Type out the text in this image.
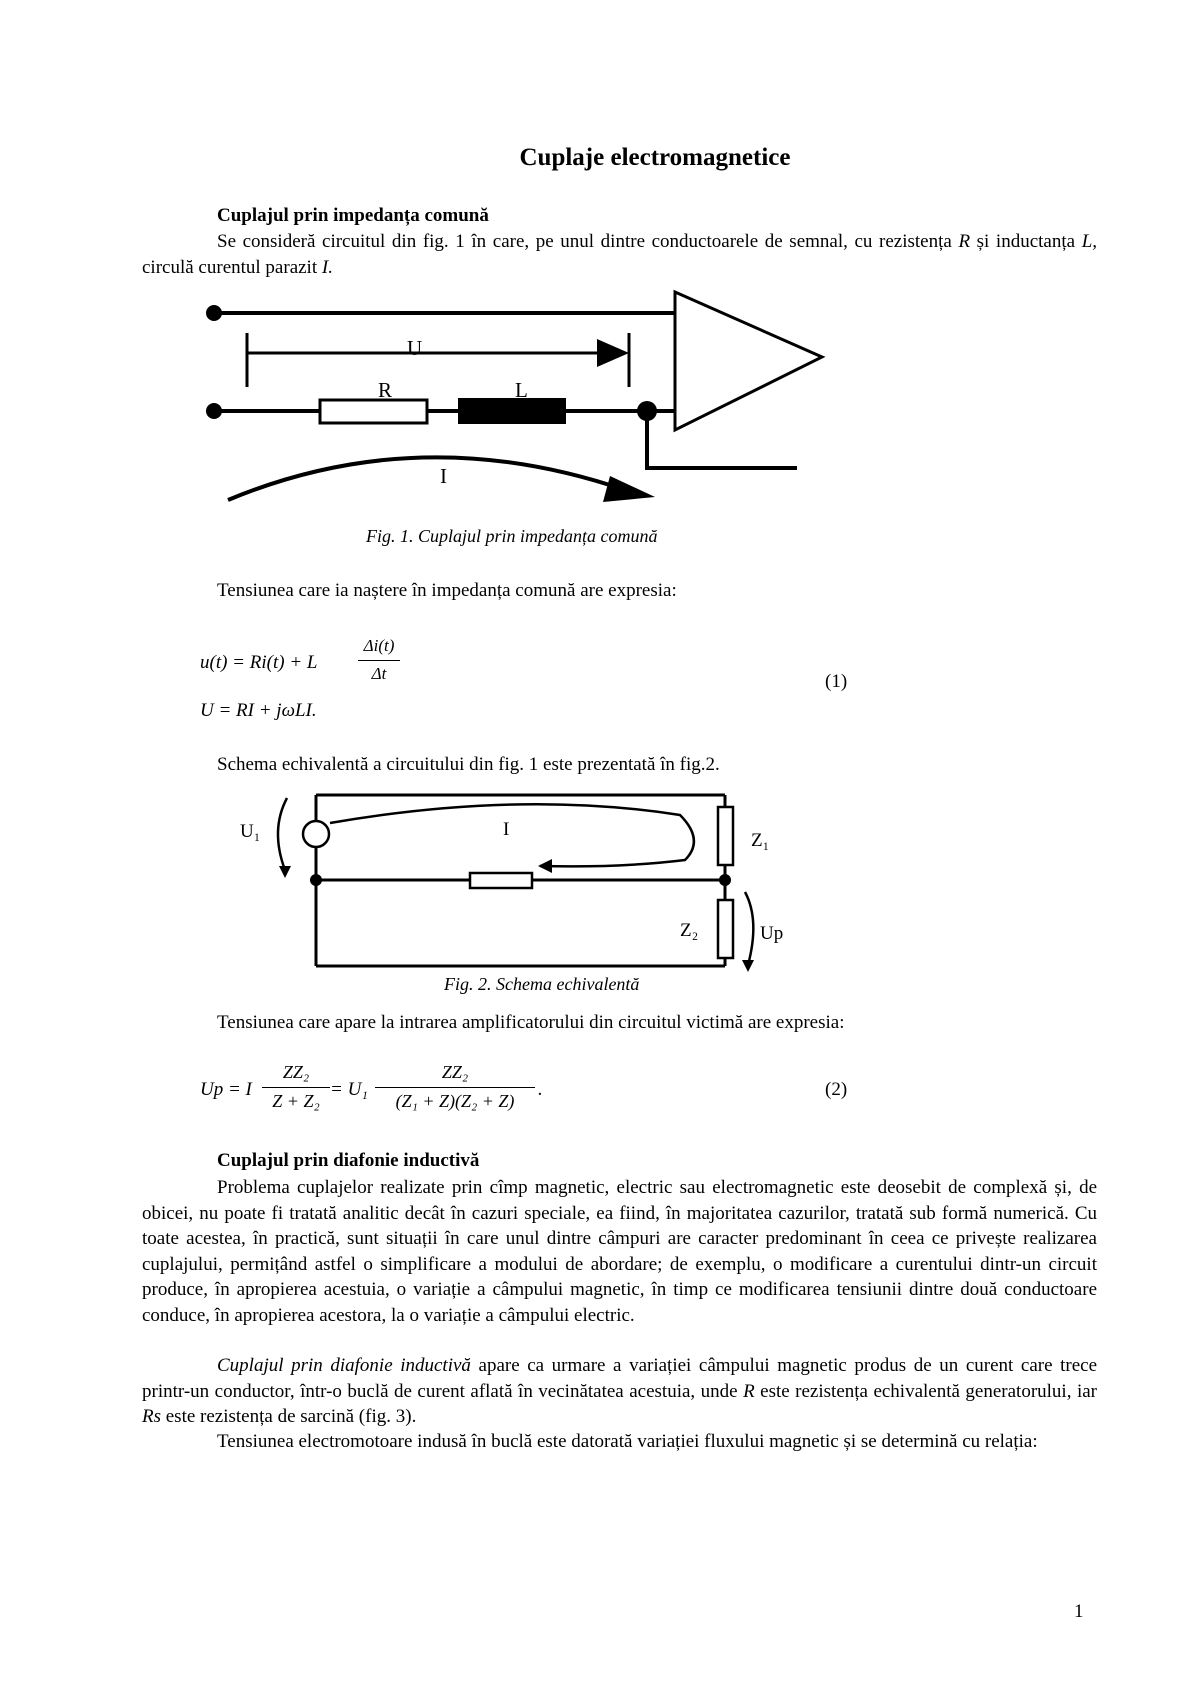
Cuplaje electromagnetice
Cuplajul prin impedanța comună
Se consideră circuitul din fig. 1 în care, pe unul dintre conductoarele de semnal, cu rezistența R și inductanța L, circulă curentul parazit I.
U
R	L
I
Fig. 1. Cuplajul prin impedanța comună
Tensiunea care ia naștere în impedanța comună are expresia:
u(t) = Ri(t) + L
Δi(t)
Δt
U = RI + jωLI.
(1)
Schema echivalentă a circuitului din fig. 1 este prezentată în fig.2.
U₁	I
Z₁
Z₂	Up
Fig. 2. Schema echivalentă
Tensiunea care apare la intrarea amplificatorului din circuitul victimă are expresia:
Up = I
ZZ₂
Z + Z₂
= U₁
ZZ₂
(Z₁ + Z)(Z₂ + Z)
.	(2)
Cuplajul prin diafonie inductivă
Problema cuplajelor realizate prin cîmp magnetic, electric sau electromagnetic este deosebit de complexă și, de obicei, nu poate fi tratată analitic decât în cazuri speciale, ea fiind, în majoritatea cazurilor, tratată sub formă numerică. Cu toate acestea, în practică, sunt situații în care unul dintre câmpuri are caracter predominant în ceea ce privește realizarea cuplajului, permițând astfel o simplificare a modului de abordare; de exemplu, o modificare a curentului dintr-un circuit produce, în apropierea acestuia, o variație a câmpului magnetic, în timp ce modificarea tensiunii dintre două conductoare conduce, în apropierea acestora, la o variație a câmpului electric.
Cuplajul prin diafonie inductivă apare ca urmare a variației câmpului magnetic produs de un curent care trece printr-un conductor, într-o buclă de curent aflată în vecinătatea acestuia, unde R este rezistența echivalentă generatorului, iar Rs este rezistența de sarcină (fig. 3).
Tensiunea electromotoare indusă în buclă este datorată variației fluxului magnetic și se determină cu relația:
1
